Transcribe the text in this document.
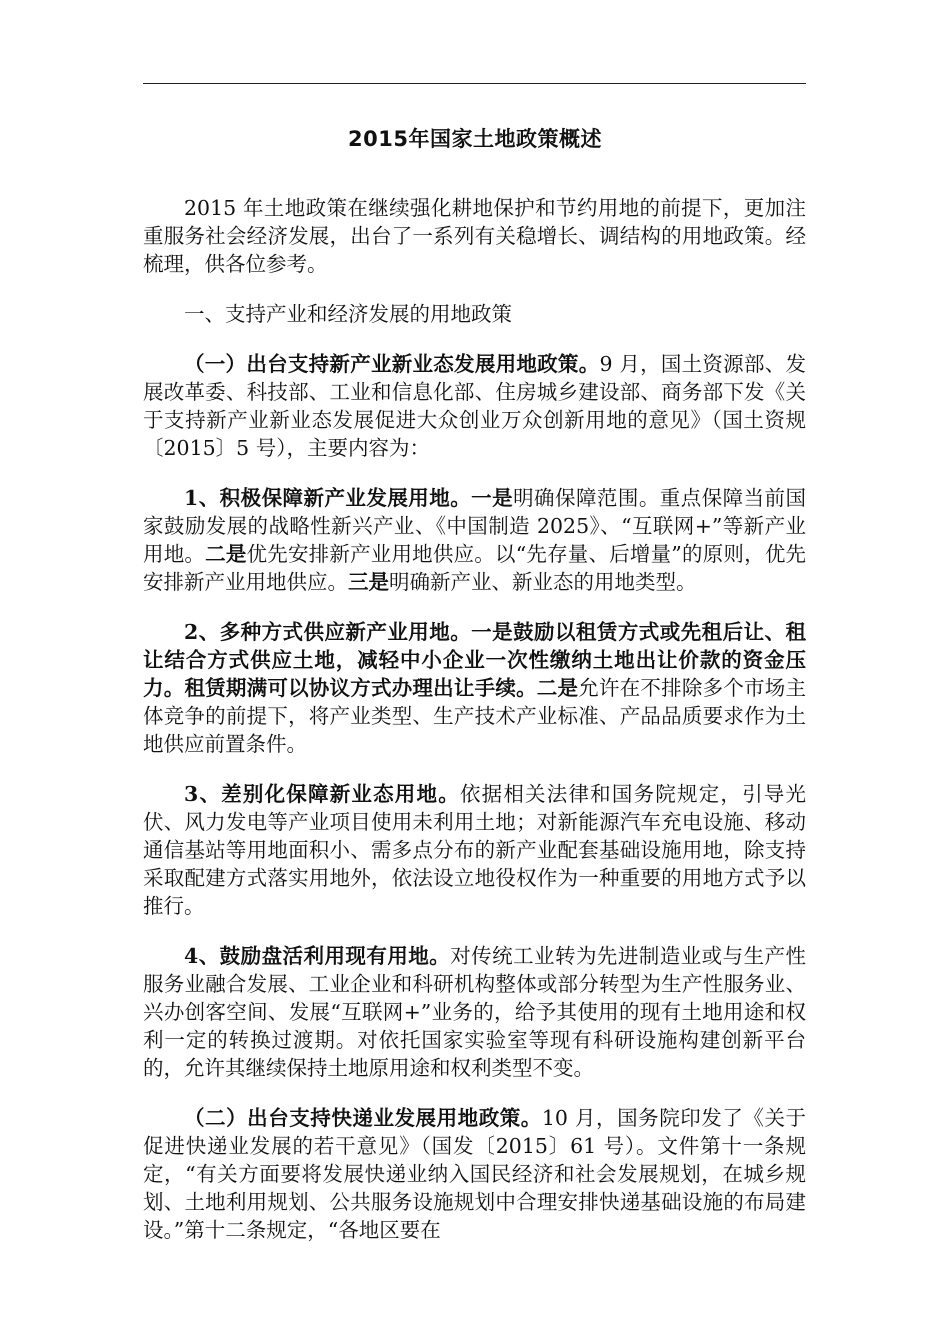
2015年国家土地政策概述

2015 年土地政策在继续强化耕地保护和节约用地的前提下，更加注重服务社会经济发展，出台了一系列有关稳增长、调结构的用地政策。经梳理，供各位参考。

一、支持产业和经济发展的用地政策

（一）出台支持新产业新业态发展用地政策。9 月，国土资源部、发展改革委、科技部、工业和信息化部、住房城乡建设部、商务部下发《关于支持新产业新业态发展促进大众创业万众创新用地的意见》（国土资规〔2015〕5 号），主要内容为：

1、积极保障新产业发展用地。一是明确保障范围。重点保障当前国家鼓励发展的战略性新兴产业、《中国制造 2025》、“互联网+”等新产业用地。二是优先安排新产业用地供应。以“先存量、后增量”的原则，优先安排新产业用地供应。三是明确新产业、新业态的用地类型。

2、多种方式供应新产业用地。一是鼓励以租赁方式或先租后让、租让结合方式供应土地，减轻中小企业一次性缴纳土地出让价款的资金压力。租赁期满可以协议方式办理出让手续。二是允许在不排除多个市场主体竞争的前提下，将产业类型、生产技术产业标准、产品品质要求作为土地供应前置条件。

3、差别化保障新业态用地。依据相关法律和国务院规定，引导光伏、风力发电等产业项目使用未利用土地；对新能源汽车充电设施、移动通信基站等用地面积小、需多点分布的新产业配套基础设施用地，除支持采取配建方式落实用地外，依法设立地役权作为一种重要的用地方式予以推行。

4、鼓励盘活利用现有用地。对传统工业转为先进制造业或与生产性服务业融合发展、工业企业和科研机构整体或部分转型为生产性服务业、兴办创客空间、发展“互联网+”业务的，给予其使用的现有土地用途和权利一定的转换过渡期。对依托国家实验室等现有科研设施构建创新平台的，允许其继续保持土地原用途和权利类型不变。

（二）出台支持快递业发展用地政策。10 月，国务院印发了《关于促进快递业发展的若干意见》（国发〔2015〕61 号）。文件第十一条规定，“有关方面要将发展快递业纳入国民经济和社会发展规划，在城乡规划、土地利用规划、公共服务设施规划中合理安排快递基础设施的布局建设。”第十二条规定，“各地区要在
